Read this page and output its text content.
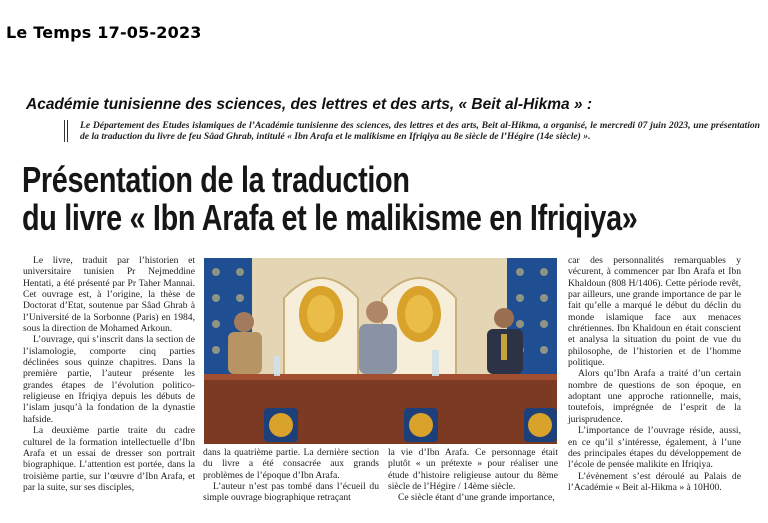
Le Temps 17-05-2023
Académie tunisienne des sciences, des lettres et des arts, « Beit al-Hikma » :
Le Département des Etudes islamiques de l’Académie tunisienne des sciences, des lettres et des arts, Beit al-Hikma, a organisé, le mercredi 07 juin 2023, une présentation de la traduction du livre de feu Sâad Ghrab, intitulé « Ibn Arafa et le malikisme en Ifriqiya au 8e siècle de l’Hégire (14e siècle) ».
Présentation de la traduction
du livre « Ibn Arafa et le malikisme en Ifriqiya»

Le livre, traduit par l’historien et universitaire tunisien Pr Nejmeddine Hentati, a été présenté par Pr Taher Mannai. Cet ouvrage est, à l’origine, la thèse de Doctorat d’Etat, soutenue par Sâad Ghrab à l’Université de la Sorbonne (Paris) en 1984, sous la direction de Mohamed Arkoun.

L’ouvrage, qui s’inscrit dans la section de l’islamologie, comporte cinq parties déclinées sous quinze chapitres. Dans la première partie, l’auteur présente les grandes étapes de l’évolution politico-religieuse en Ifriqiya depuis les débuts de l’islam jusqu’à la fondation de la dynastie hafside.

La deuxième partie traite du cadre culturel de la formation intellectuelle d’Ibn Arafa et un essai de dresser son portrait biographique. L’attention est portée, dans la troisième partie, sur l’œuvre d’Ibn Arafa, et par la suite, sur ses disciples,

dans la quatrième partie. La dernière section du livre a été consacrée aux grands problèmes de l’époque d’Ibn Arafa.

L’auteur n’est pas tombé dans l’écueil du simple ouvrage biographique retraçant

la vie d’Ibn Arafa. Ce personnage était plutôt « un prétexte » pour réaliser une étude d’histoire religieuse autour du 8ème siècle de l’Hégire / 14ème siècle.

Ce siècle étant d’une grande importance,

car des personnalités remarquables y vécurent, à commencer par Ibn Arafa et Ibn Khaldoun (808 H/1406). Cette période revêt, par ailleurs, une grande importance de par le fait qu’elle a marqué le début du déclin du monde islamique face aux menaces chrétiennes. Ibn Khaldoun en était conscient et analysa la situation du point de vue du philosophe, de l’historien et de l’homme politique.

Alors qu’Ibn Arafa a traité d’un certain nombre de questions de son époque, en adoptant une approche rationnelle, mais, toutefois, imprégnée de l’esprit de la jurisprudence.

L’importance de l’ouvrage réside, aussi, en ce qu’il s’intéresse, également, à l’une des principales étapes du développement de l’école de pensée malikite en Ifriqiya.

L’évènement s’est déroulé au Palais de l’Académie « Beit al-Hikma » à 10H00.
